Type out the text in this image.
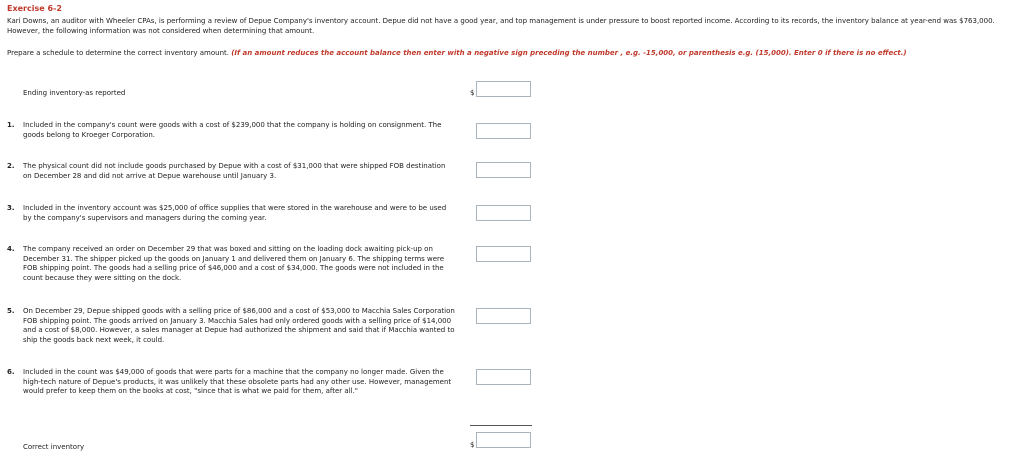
Exercise 6-2
Kari Downs, an auditor with Wheeler CPAs, is performing a review of Depue Company's inventory account. Depue did not have a good year, and top management is under pressure to boost reported income. According to its records, the inventory balance at year-end was $763,000. However, the following information was not considered when determining that amount.
Prepare a schedule to determine the correct inventory amount. (If an amount reduces the account balance then enter with a negative sign preceding the number , e.g. -15,000, or parenthesis e.g. (15,000). Enter 0 if there is no effect.)
Ending inventory-as reported	$
1. Included in the company's count were goods with a cost of $239,000 that the company is holding on consignment. The goods belong to Kroeger Corporation.
2. The physical count did not include goods purchased by Depue with a cost of $31,000 that were shipped FOB destination on December 28 and did not arrive at Depue warehouse until January 3.
3. Included in the inventory account was $25,000 of office supplies that were stored in the warehouse and were to be used by the company's supervisors and managers during the coming year.
4. The company received an order on December 29 that was boxed and sitting on the loading dock awaiting pick-up on December 31. The shipper picked up the goods on January 1 and delivered them on January 6. The shipping terms were FOB shipping point. The goods had a selling price of $46,000 and a cost of $34,000. The goods were not included in the count because they were sitting on the dock.
5. On December 29, Depue shipped goods with a selling price of $86,000 and a cost of $53,000 to Macchia Sales Corporation FOB shipping point. The goods arrived on January 3. Macchia Sales had only ordered goods with a selling price of $14,000 and a cost of $8,000. However, a sales manager at Depue had authorized the shipment and said that if Macchia wanted to ship the goods back next week, it could.
6. Included in the count was $49,000 of goods that were parts for a machine that the company no longer made. Given the high-tech nature of Depue's products, it was unlikely that these obsolete parts had any other use. However, management would prefer to keep them on the books at cost, "since that is what we paid for them, after all."
Correct inventory	$
